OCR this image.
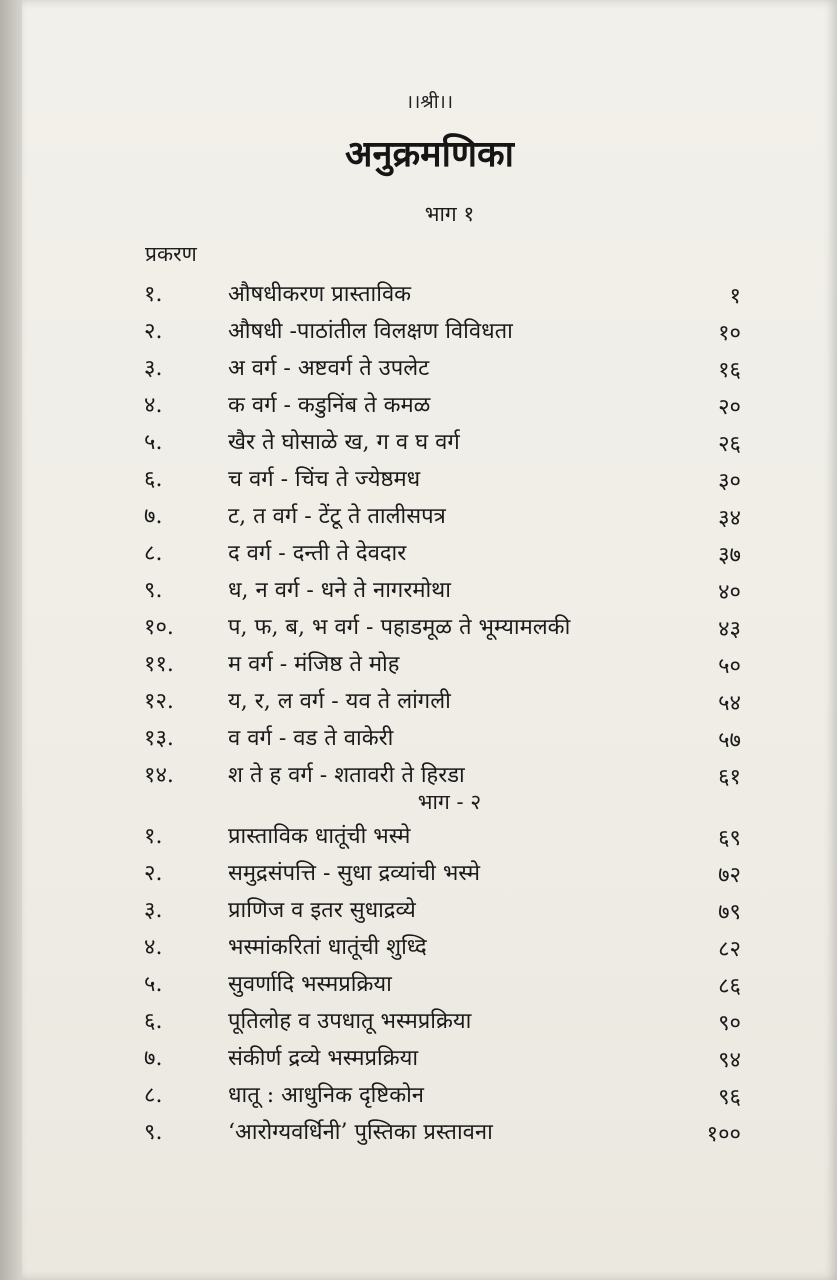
।।श्री।।
अनुक्रमणिका
भाग १
प्रकरण
१.	औषधीकरण प्रास्ताविक	१
२.	औषधी -पाठांतील विलक्षण विविधता	१०
३.	अ वर्ग - अष्टवर्ग ते उपलेट	१६
४.	क वर्ग - कडुनिंब ते कमळ	२०
५.	खैर ते घोसाळे ख, ग व घ वर्ग	२६
६.	च वर्ग - चिंच ते ज्येष्ठमध	३०
७.	ट, त वर्ग - टेंटू ते तालीसपत्र	३४
८.	द वर्ग - दन्ती ते देवदार	३७
९.	ध, न वर्ग - धने ते नागरमोथा	४०
१०. प, फ, ब, भ वर्ग - पहाडमूळ ते भूम्यामलकी	४३
११. म वर्ग - मंजिष्ठ ते मोह	५०
१२. य, र, ल वर्ग - यव ते लांगली	५४
१३. व वर्ग - वड ते वाकेरी	५७
१४. श ते ह वर्ग - शतावरी ते हिरडा	६१
भाग - २
१.	प्रास्ताविक धातूंची भस्मे	६९
२.	समुद्रसंपत्ति - सुधा द्रव्यांची भस्मे	७२
३.	प्राणिज व इतर सुधाद्रव्ये	७९
४.	भस्मांकरितां धातूंची शुध्दि	८२
५.	सुवर्णादि भस्मप्रक्रिया	८६
६.	पूतिलोह व उपधातू भस्मप्रक्रिया	९०
७.	संकीर्ण द्रव्ये भस्मप्रक्रिया	९४
८.	धातू : आधुनिक दृष्टिकोन	९६
९.	‘आरोग्यवर्धिनी’ पुस्तिका प्रस्तावना	१००
